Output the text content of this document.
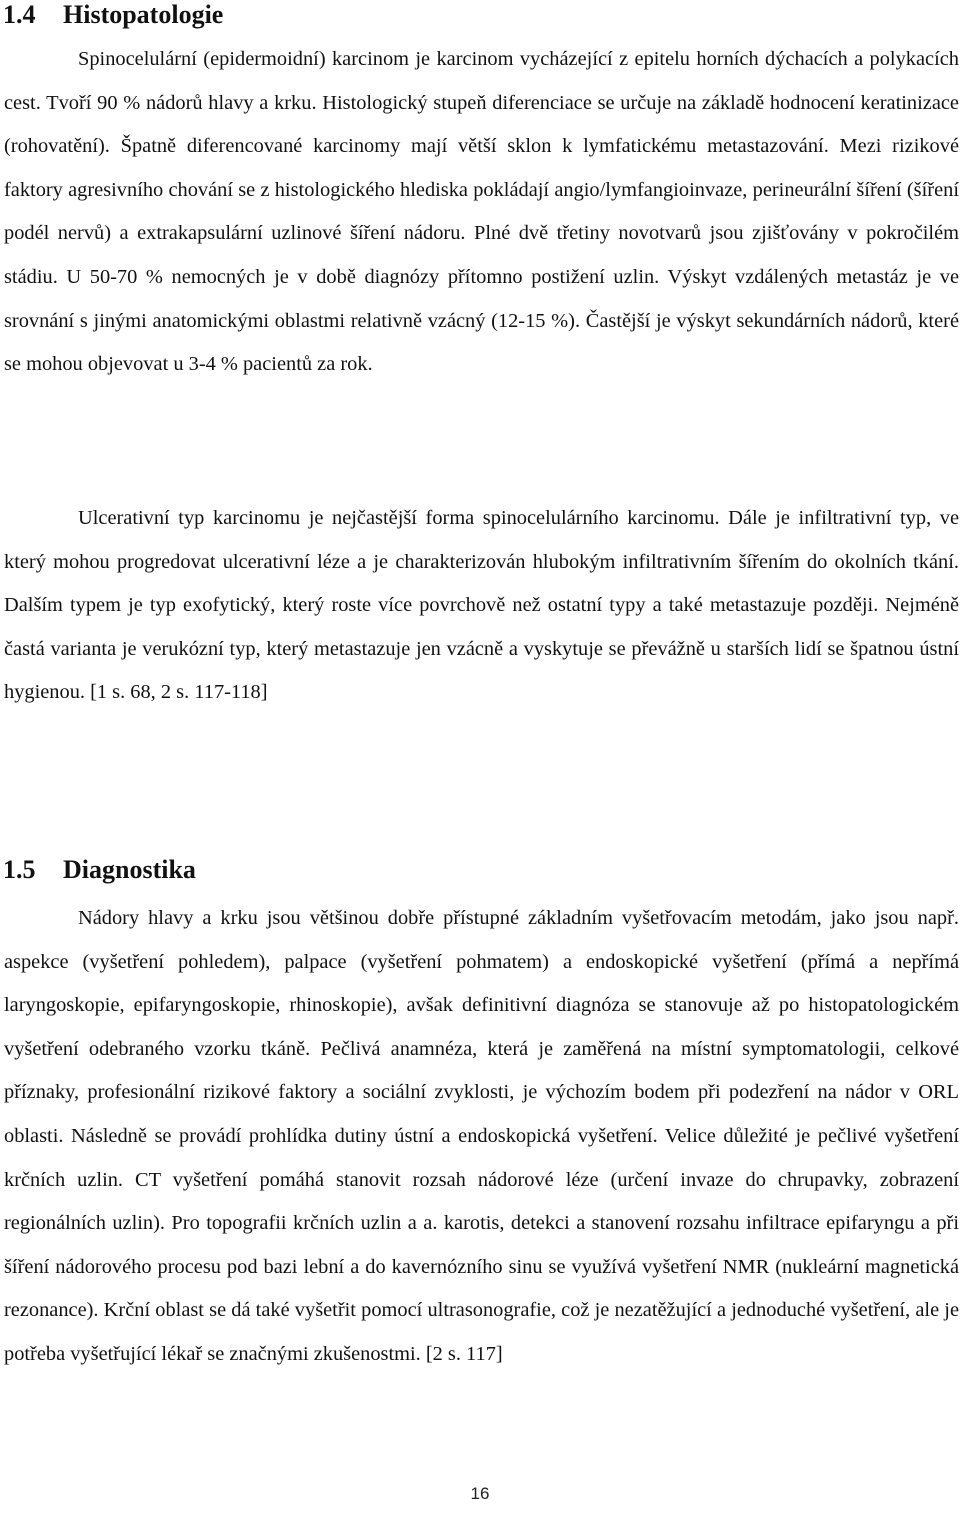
1.4 Histopatologie

Spinocelulární (epidermoidní) karcinom je karcinom vycházející z epitelu horních dýchacích a polykacích cest. Tvoří 90 % nádorů hlavy a krku. Histologický stupeň diferenciace se určuje na základě hodnocení keratinizace (rohovatění). Špatně diferencované karcinomy mají větší sklon k lymfatickému metastazování. Mezi rizikové faktory agresivního chování se z histologického hlediska pokládají angio/lymfangioinvaze, perineurální šíření (šíření podél nervů) a extrakapsulární uzlinové šíření nádoru. Plné dvě třetiny novotvarů jsou zjišťovány v pokročilém stádiu. U 50-70 % nemocných je v době diagnózy přítomno postižení uzlin. Výskyt vzdálených metastáz je ve srovnání s jinými anatomickými oblastmi relativně vzácný (12-15 %). Častější je výskyt sekundárních nádorů, které se mohou objevovat u 3-4 % pacientů za rok.

Ulcerativní typ karcinomu je nejčastější forma spinocelulárního karcinomu. Dále je infiltrativní typ, ve který mohou progredovat ulcerativní léze a je charakterizován hlubokým infiltrativním šířením do okolních tkání. Dalším typem je typ exofytický, který roste více povrchově než ostatní typy a také metastazuje později. Nejméně častá varianta je verukózní typ, který metastazuje jen vzácně a vyskytuje se převážně u starších lidí se špatnou ústní hygienou. [1 s. 68, 2 s. 117-118]

1.5 Diagnostika

Nádory hlavy a krku jsou většinou dobře přístupné základním vyšetřovacím metodám, jako jsou např. aspekce (vyšetření pohledem), palpace (vyšetření pohmatem) a endoskopické vyšetření (přímá a nepřímá laryngoskopie, epifaryngoskopie, rhinoskopie), avšak definitivní diagnóza se stanovuje až po histopatologickém vyšetření odebraného vzorku tkáně. Pečlivá anamnéza, která je zaměřená na místní symptomatologii, celkové příznaky, profesionální rizikové faktory a sociální zvyklosti, je výchozím bodem při podezření na nádor v ORL oblasti. Následně se provádí prohlídka dutiny ústní a endoskopická vyšetření. Velice důležité je pečlivé vyšetření krčních uzlin. CT vyšetření pomáhá stanovit rozsah nádorové léze (určení invaze do chrupavky, zobrazení regionálních uzlin). Pro topografii krčních uzlin a a. karotis, detekci a stanovení rozsahu infiltrace epifaryngu a při šíření nádorového procesu pod bazi lební a do kavernózního sinu se využívá vyšetření NMR (nukleární magnetická rezonance). Krční oblast se dá také vyšetřit pomocí ultrasonografie, což je nezatěžující a jednoduché vyšetření, ale je potřeba vyšetřující lékař se značnými zkušenostmi. [2 s. 117]

16
